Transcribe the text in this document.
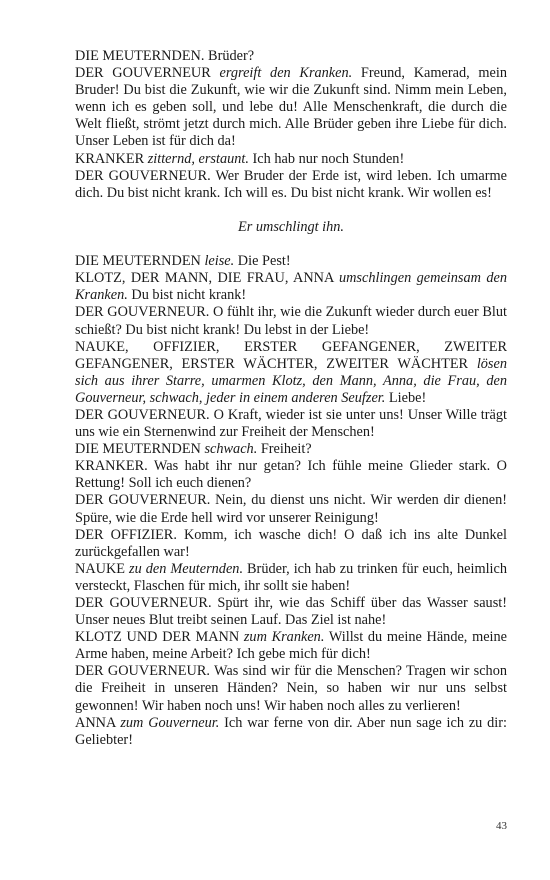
DIE MEUTERNDEN. Brüder?

DER GOUVERNEUR ergreift den Kranken. Freund, Kamerad, mein Bruder! Du bist die Zukunft, wie wir die Zukunft sind. Nimm mein Leben, wenn ich es geben soll, und lebe du! Alle Menschenkraft, die durch die Welt fließt, strömt jetzt durch mich. Alle Brüder geben ihre Liebe für dich. Unser Leben ist für dich da!

KRANKER zitternd, erstaunt. Ich hab nur noch Stunden!

DER GOUVERNEUR. Wer Bruder der Erde ist, wird leben. Ich umarme dich. Du bist nicht krank. Ich will es. Du bist nicht krank. Wir wollen es!

Er umschlingt ihn.

DIE MEUTERNDEN leise. Die Pest!

KLOTZ, DER MANN, DIE FRAU, ANNA umschlingen gemeinsam den Kranken. Du bist nicht krank!

DER GOUVERNEUR. O fühlt ihr, wie die Zukunft wieder durch euer Blut schießt? Du bist nicht krank! Du lebst in der Liebe!

NAUKE, OFFIZIER, ERSTER GEFANGENER, ZWEITER GEFANGENER, ERSTER WÄCHTER, ZWEITER WÄCHTER lösen sich aus ihrer Starre, umarmen Klotz, den Mann, Anna, die Frau, den Gouverneur, schwach, jeder in einem anderen Seufzer. Liebe!

DER GOUVERNEUR. O Kraft, wieder ist sie unter uns! Unser Wille trägt uns wie ein Sternenwind zur Freiheit der Menschen!

DIE MEUTERNDEN schwach. Freiheit?

KRANKER. Was habt ihr nur getan? Ich fühle meine Glieder stark. O Rettung! Soll ich euch dienen?

DER GOUVERNEUR. Nein, du dienst uns nicht. Wir werden dir dienen! Spüre, wie die Erde hell wird vor unserer Reinigung!

DER OFFIZIER. Komm, ich wasche dich! O daß ich ins alte Dunkel zurückgefallen war!

NAUKE zu den Meuternden. Brüder, ich hab zu trinken für euch, heimlich versteckt, Flaschen für mich, ihr sollt sie haben!

DER GOUVERNEUR. Spürt ihr, wie das Schiff über das Wasser saust! Unser neues Blut treibt seinen Lauf. Das Ziel ist nahe!

KLOTZ UND DER MANN zum Kranken. Willst du meine Hände, meine Arme haben, meine Arbeit? Ich gebe mich für dich!

DER GOUVERNEUR. Was sind wir für die Menschen? Tragen wir schon die Freiheit in unseren Händen? Nein, so haben wir nur uns selbst gewonnen! Wir haben noch uns! Wir haben noch alles zu verlieren!

ANNA zum Gouverneur. Ich war ferne von dir. Aber nun sage ich zu dir: Geliebter!

43
